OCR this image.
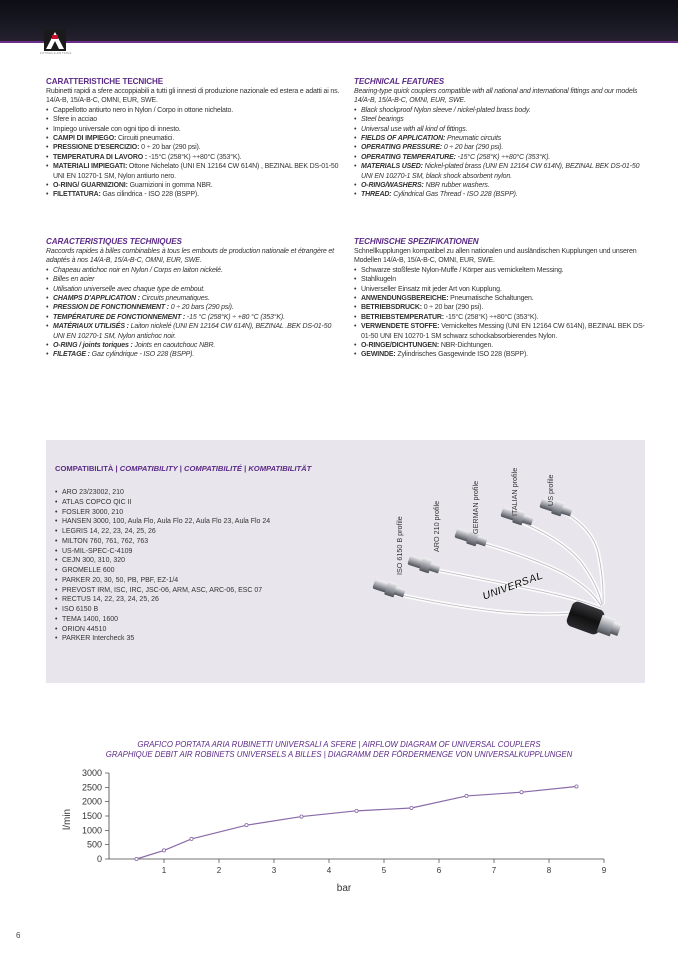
FITTINGS & AIR TOOLS
CARATTERISTICHE TECNICHE
Rubinetti rapidi a sfere accoppiabili a tutti gli innesti di produzione nazionale ed estera e adatti ai ns. 14/A-B, 15/A-B-C, OMNI, EUR, SWE.
• Cappellotto antiurto nero in Nylon / Corpo in ottone nichelato.
• Sfere in acciao
• Impiego universale con ogni tipo di innesto.
• CAMPI DI IMPIEGO: Circuiti pneumatici.
• PRESSIONE D'ESERCIZIO: 0 ÷ 20 bar (290 psi).
• TEMPERATURA DI LAVORO : -15°C (258°K) ÷+80°C (353°K).
• MATERIALI IMPIEGATI: Ottone Nichelato (UNI EN 12164 CW 614N) , BEZINAL BEK DS-01-50 UNI EN 10270-1 SM, Nylon antiurto nero.
• O-RING/ GUARNIZIONI: Guarnizioni in gomma NBR.
• FILETTATURA: Gas cilindrica - ISO 228 (BSPP).
CARACTERISTIQUES TECHNIQUES
Raccords rapides à billes combinables à tous les embouts de production nationale et étrangère et adaptés à nos 14/A-B, 15/A-B-C, OMNI, EUR, SWE.
• Chapeau antichoc noir en Nylon / Corps en laiton nickelé.
• Billes en acier
• Utilisation universelle avec chaque type de embout.
• CHAMPS D'APPLICATION : Circuits pneumatiques.
• PRESSION DE FONCTIONNEMENT : 0 ÷ 20 bars (290 psi).
• TEMPÉRATURE DE FONCTIONNEMENT : -15 °C (258°K) ÷ +80 °C (353°K).
• MATÉRIAUX UTILISÉS : Laiton nickelé (UNI EN 12164 CW 614N), BEZINAL .BEK DS-01-50 UNI EN 10270-1 SM, Nylon antichoc noir.
• O-RING / joints toriques : Joints en caoutchouc NBR.
• FILETAGE : Gaz cylindrique - ISO 228 (BSPP).
TECHNICAL FEATURES
Bearing-type quick couplers compatible with all national and international fittings and our models 14/A-B, 15/A-B-C, OMNI, EUR, SWE.
• Black shockproof Nylon sleeve / nickel-plated brass body.
• Steel bearings
• Universal use with all kind of fittings.
• FIELDS OF APPLICATION: Pneumatic circuits
• OPERATING PRESSURE: 0 ÷ 20 bar (290 psi).
• OPERATING TEMPERATURE: -15°C (258°K) ÷+80°C (353°K).
• MATERIALS USED: Nickel-plated brass (UNI EN 12164 CW 614N), BEZINAL BEK DS-01-50 UNI EN 10270-1 SM, black shock absorbent nylon.
• O-RING/WASHERS: NBR rubber washers.
• THREAD: Cylindrical Gas Thread - ISO 228 (BSPP).
TECHNISCHE SPEZIFIKATIONEN
Schnellkupplungen kompatibel zu allen nationalen und ausländischen Kupplungen und unseren Modellen 14/A-B, 15/A-B-C, OMNI, EUR, SWE.
• Schwarze stoßfeste Nylon-Muffe / Körper aus vernickeltem Messing.
• Stahlkugeln
• Universeller Einsatz mit jeder Art von Kupplung.
• ANWENDUNGSBEREICHE: Pneumatische Schaltungen.
• BETRIEBSDRUCK: 0 ÷ 20 bar (290 psi).
• BETRIEBSTEMPERATUR: -15°C (258°K) ÷+80°C (353°K).
• VERWENDETE STOFFE: Vernickeltes Messing (UNI EN 12164 CW 614N), BEZINAL BEK DS-01-50 UNI EN 10270-1 SM schwarz schockabsorbierendes Nylon.
• O-RINGE/DICHTUNGEN: NBR-Dichtungen.
• GEWINDE: Zylindrisches Gasgewinde ISO 228 (BSPP).
COMPATIBILITÀ | COMPATIBILITY | COMPATIBILITÉ | KOMPATIBILITÄT
• ARO 23/23002, 210
• ATLAS COPCO QIC II
• FOSLER 3000, 210
• HANSEN 3000, 100, Aula Flo, Aula Flo 22, Aula Flo 23, Aula Flo 24
• LEGRIS 14, 22, 23, 24, 25, 26
• MILTON 760, 761, 762, 763
• US-MIL-SPEC-C-4109
• CEJN 300, 310, 320
• GROMELLE 600
• PARKER 20, 30, 50, PB, PBF, EZ-1/4
• PREVOST IRM, ISC, IRC, JSC-06, ARM, ASC, ARC-06, ESC 07
• RECTUS 14, 22, 23, 24, 25, 26
• ISO 6150 B
• TEMA 1400, 1600
• ORION 44510
• PARKER Intercheck 35
ISO 6150 B profile	ARO 210 profile	GERMAN profile	ITALIAN profile	US profile
UNIVERSAL
GRAFICO PORTATA ARIA RUBINETTI UNIVERSALI A SFERE | AIRFLOW DIAGRAM OF UNIVERSAL COUPLERS
GRAPHIQUE DEBIT AIR ROBINETS UNIVERSELS A BILLES | DIAGRAMM DER FÖRDERMENGE VON UNIVERSALKUPPLUNGEN
3000
2500
2000
1500
1000
500
0
1	2	3	4	5	6	7	8	9
l/min
bar
6
